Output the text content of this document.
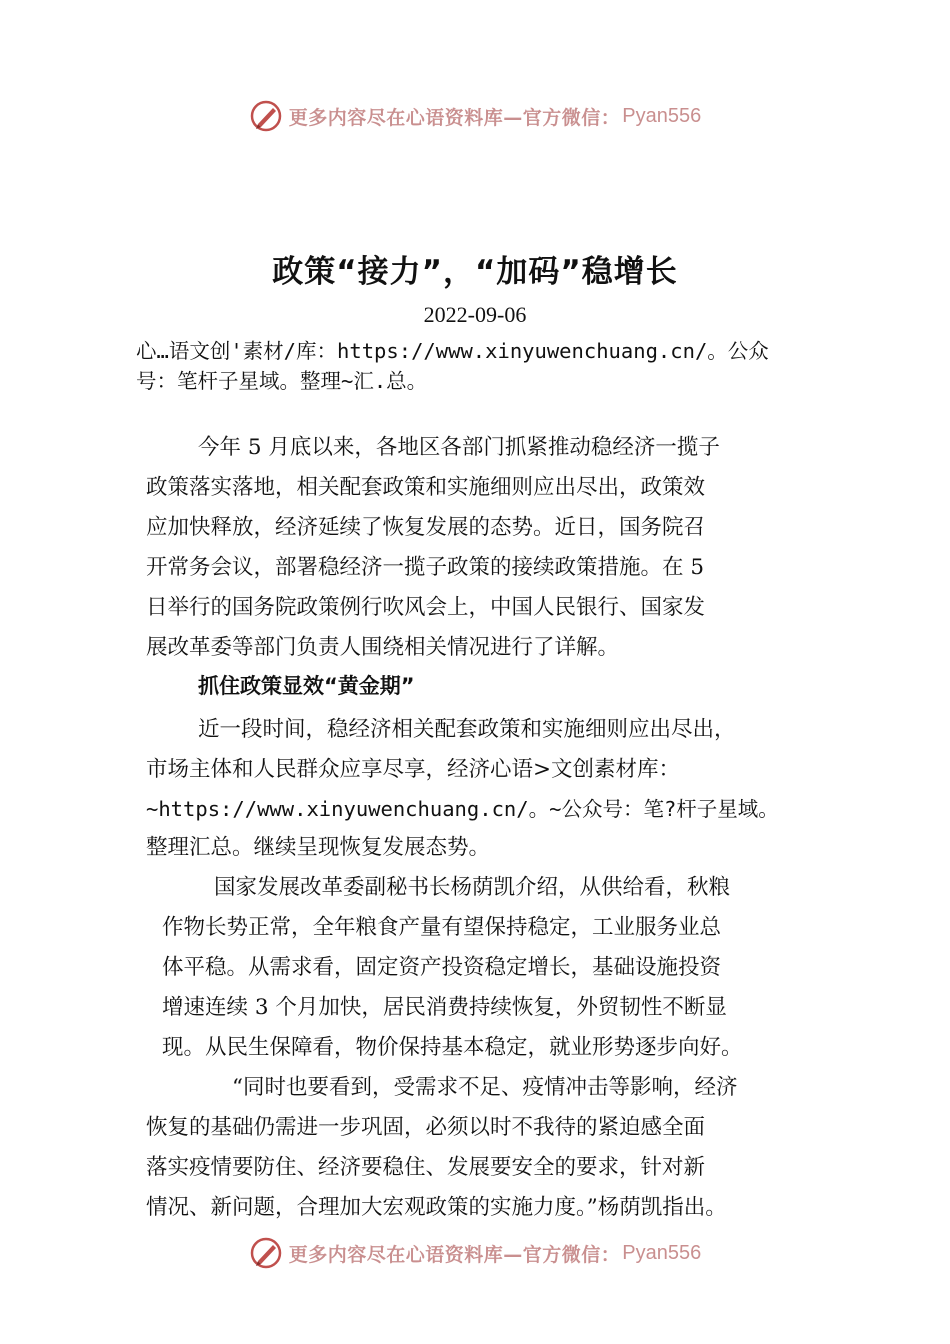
更多内容尽在心语资料库—官方微信： Pyan556
政策“接力”，“加码”稳增长
2022-09-06
心…语文创'素材/库：https://www.xinyuwenchuang.cn/。公众
号：笔杆子星域。整理~汇.总。
今年 5 月底以来，各地区各部门抓紧推动稳经济一揽子
政策落实落地，相关配套政策和实施细则应出尽出，政策效
应加快释放，经济延续了恢复发展的态势。近日，国务院召
开常务会议，部署稳经济一揽子政策的接续政策措施。在 5
日举行的国务院政策例行吹风会上，中国人民银行、国家发
展改革委等部门负责人围绕相关情况进行了详解。
抓住政策显效“黄金期”
近一段时间，稳经济相关配套政策和实施细则应出尽出，
市场主体和人民群众应享尽享，经济心语>文创素材库：
~https://www.xinyuwenchuang.cn/。~公众号：笔?杆子星域。
整理汇总。继续呈现恢复发展态势。
国家发展改革委副秘书长杨荫凯介绍，从供给看，秋粮
作物长势正常，全年粮食产量有望保持稳定，工业服务业总
体平稳。从需求看，固定资产投资稳定增长，基础设施投资
增速连续 3 个月加快，居民消费持续恢复，外贸韧性不断显
现。从民生保障看，物价保持基本稳定，就业形势逐步向好。
“同时也要看到，受需求不足、疫情冲击等影响，经济
恢复的基础仍需进一步巩固，必须以时不我待的紧迫感全面
落实疫情要防住、经济要稳住、发展要安全的要求，针对新
情况、新问题，合理加大宏观政策的实施力度。”杨荫凯指出。
更多内容尽在心语资料库—官方微信： Pyan556
